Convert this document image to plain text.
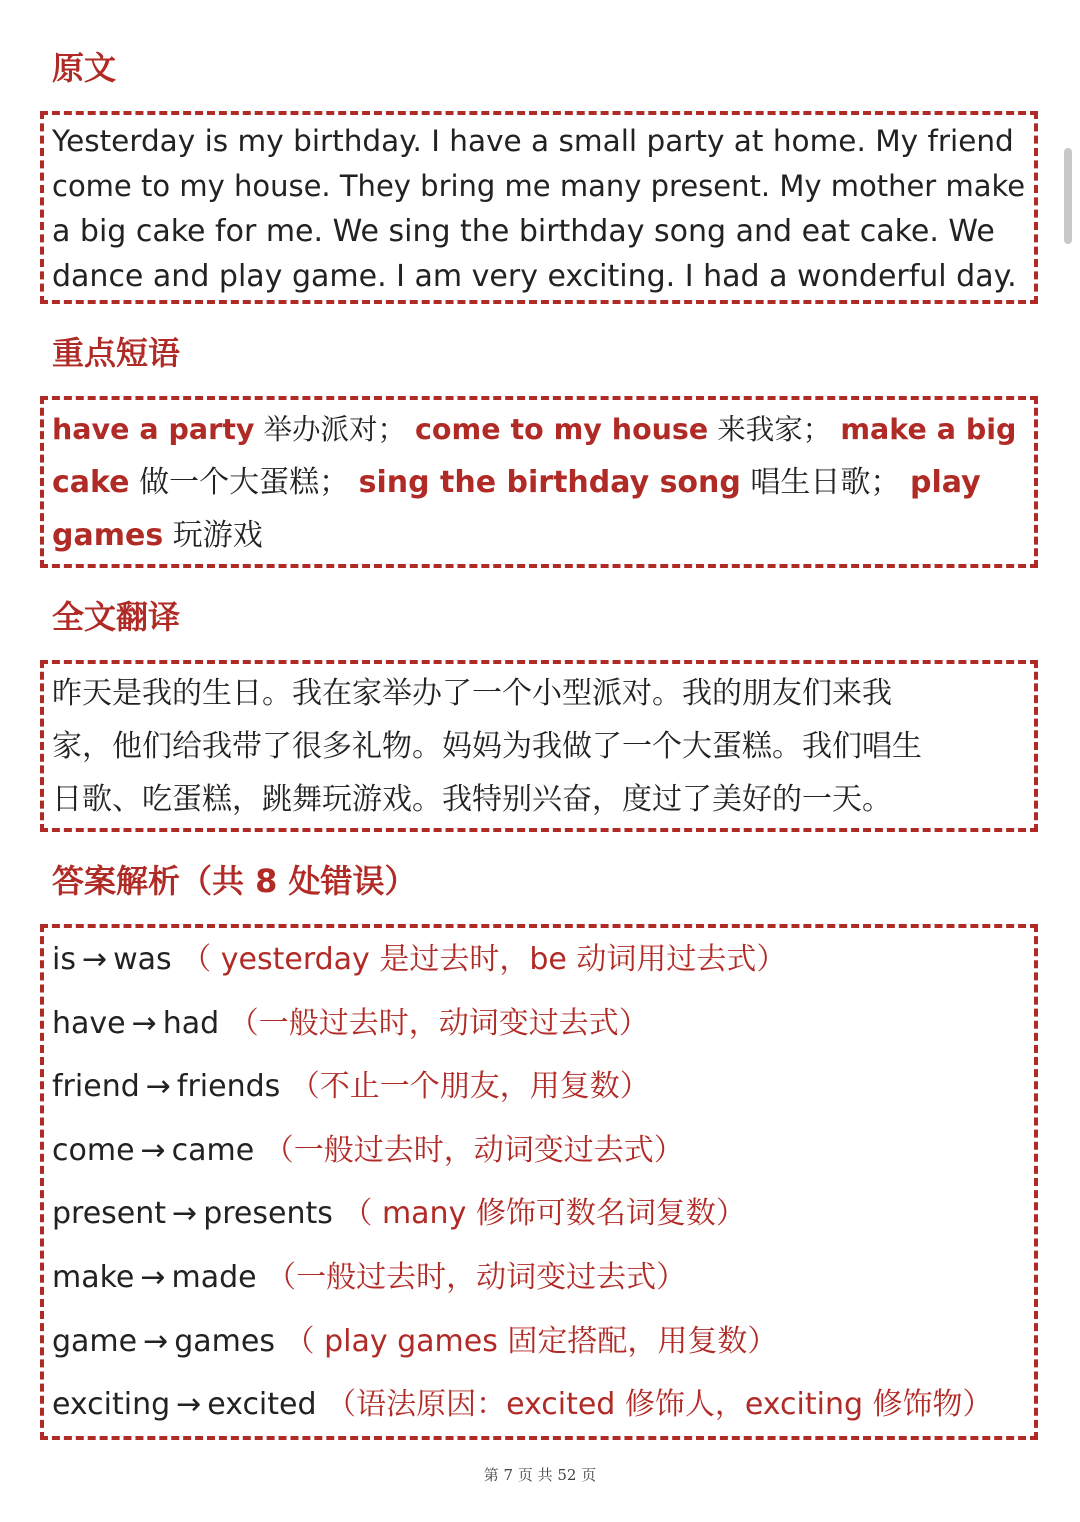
原文

Yesterday is my birthday. I have a small party at home. My friend
come to my house. They bring me many present. My mother make
a big cake for me. We sing the birthday song and eat cake. We
dance and play game. I am very exciting. I had a wonderful day.

重点短语

have a party 举办派对； come to my house 来我家； make a big
cake 做一个大蛋糕； sing the birthday song 唱生日歌； play
games 玩游戏

全文翻译

昨天是我的生日。我在家举办了一个小型派对。我的朋友们来我
家，他们给我带了很多礼物。妈妈为我做了一个大蛋糕。我们唱生
日歌、吃蛋糕，跳舞玩游戏。我特别兴奋，度过了美好的一天。

答案解析（共 8 处错误）
is → was （ yesterday 是过去时，be 动词用过去式）
have → had （一般过去时，动词变过去式）
friend → friends （不止一个朋友，用复数）
come → came （一般过去时，动词变过去式）
present → presents （ many 修饰可数名词复数）
make → made （一般过去时，动词变过去式）
game → games （ play games 固定搭配，用复数）
exciting → excited （语法原因：excited 修饰人，exciting 修饰物）
第 7 页 共 52 页
